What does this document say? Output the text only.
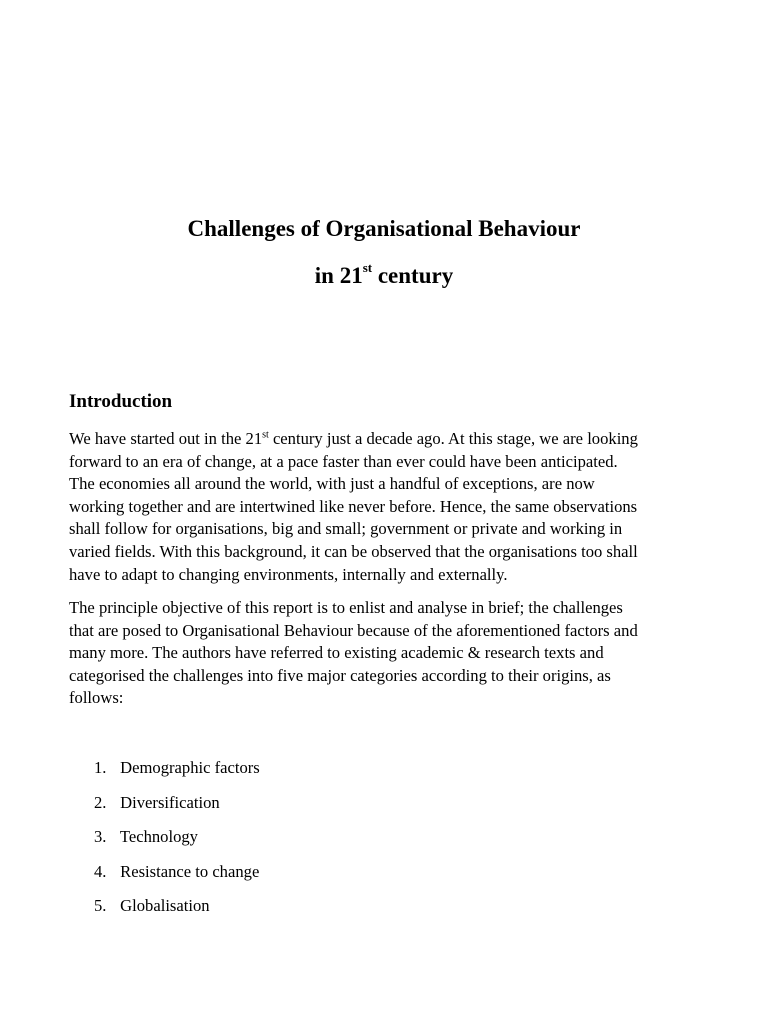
Challenges of Organisational Behaviour
in 21st century
Introduction
We have started out in the 21st century just a decade ago. At this stage, we are looking
forward to an era of change, at a pace faster than ever could have been anticipated.
The economies all around the world, with just a handful of exceptions, are now
working together and are intertwined like never before. Hence, the same observations
shall follow for organisations, big and small; government or private and working in
varied fields. With this background, it can be observed that the organisations too shall
have to adapt to changing environments, internally and externally.
The principle objective of this report is to enlist and analyse in brief; the challenges
that are posed to Organisational Behaviour because of the aforementioned factors and
many more. The authors have referred to existing academic & research texts and
categorised the challenges into five major categories according to their origins, as
follows:
1. Demographic factors
2. Diversification
3. Technology
4. Resistance to change
5. Globalisation
